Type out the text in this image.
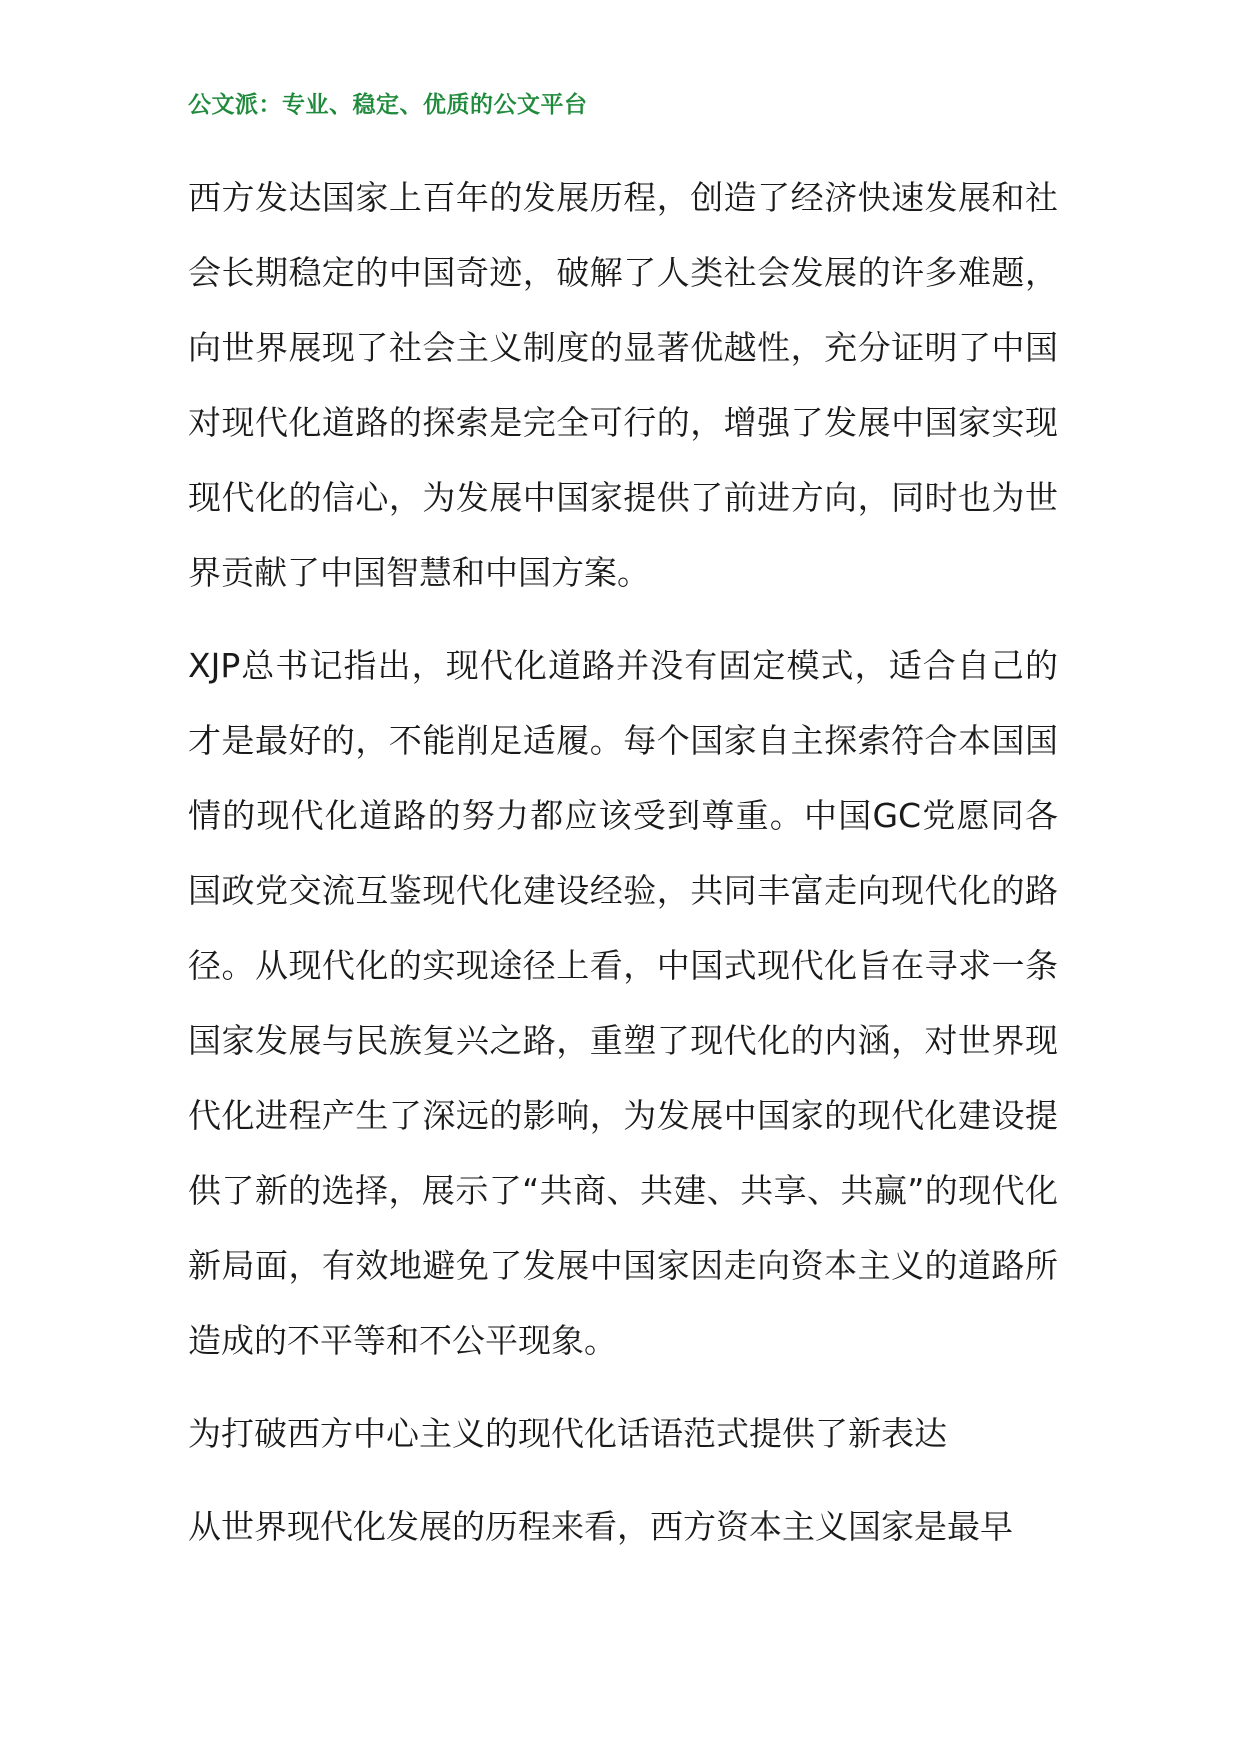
公文派：专业、稳定、优质的公文平台

西方发达国家上百年的发展历程，创造了经济快速发展和社会长期稳定的中国奇迹，破解了人类社会发展的许多难题，向世界展现了社会主义制度的显著优越性，充分证明了中国对现代化道路的探索是完全可行的，增强了发展中国家实现现代化的信心，为发展中国家提供了前进方向，同时也为世界贡献了中国智慧和中国方案。

XJP总书记指出，现代化道路并没有固定模式，适合自己的才是最好的，不能削足适履。每个国家自主探索符合本国国情的现代化道路的努力都应该受到尊重。中国GC党愿同各国政党交流互鉴现代化建设经验，共同丰富走向现代化的路径。从现代化的实现途径上看，中国式现代化旨在寻求一条国家发展与民族复兴之路，重塑了现代化的内涵，对世界现代化进程产生了深远的影响，为发展中国家的现代化建设提供了新的选择，展示了“共商、共建、共享、共赢”的现代化新局面，有效地避免了发展中国家因走向资本主义的道路所造成的不平等和不公平现象。

为打破西方中心主义的现代化话语范式提供了新表达

从世界现代化发展的历程来看，西方资本主义国家是最早
